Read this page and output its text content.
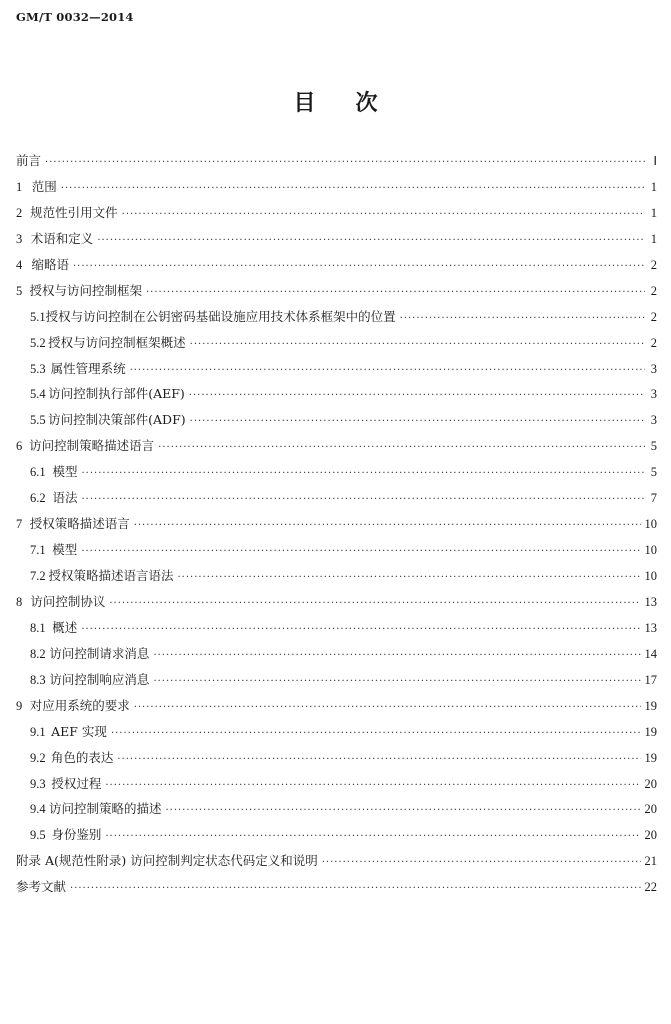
GM/T 0032—2014
目次
前言 ·····	Ⅰ
1 范围 ·····	1
2 规范性引用文件 ·····	1
3 术语和定义 ·····	1
4 缩略语 ·····	2
5 授权与访问控制框架 ·····	2
5.1 授权与访问控制在公钥密码基础设施应用技术体系框架中的位置 ·····	2
5.2 授权与访问控制框架概述 ·····	2
5.3 属性管理系统 ·····	3
5.4 访问控制执行部件(AEF) ·····	3
5.5 访问控制决策部件(ADF) ·····	3
6 访问控制策略描述语言 ·····	5
6.1 模型 ·····	5
6.2 语法 ·····	7
7 授权策略描述语言 ·····	10
7.1 模型 ·····	10
7.2 授权策略描述语言语法 ·····	10
8 访问控制协议 ·····	13
8.1 概述 ·····	13
8.2 访问控制请求消息 ·····	14
8.3 访问控制响应消息 ·····	17
9 对应用系统的要求 ·····	19
9.1 AEF 实现 ·····	19
9.2 角色的表达 ·····	19
9.3 授权过程 ·····	20
9.4 访问控制策略的描述 ·····	20
9.5 身份鉴别 ·····	20
附录 A(规范性附录) 访问控制判定状态代码定义和说明 ·····	21
参考文献 ·····	22
